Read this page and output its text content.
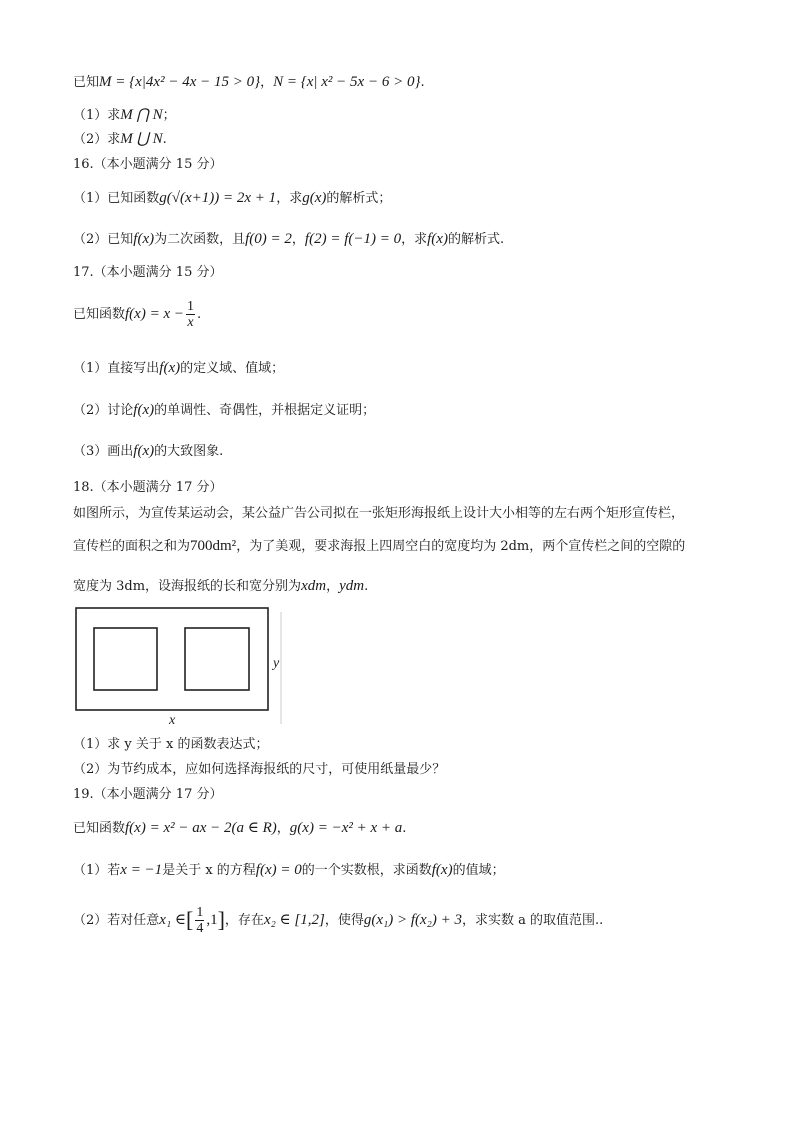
已知M = {x|4x² − 4x − 15 > 0}，N = {x| x² − 5x − 6 > 0}.
（1）求M ⋂ N；
（2）求M ⋃ N.
16.（本小题满分 15 分）
（1）已知函数g(√(x+1)) = 2x + 1，求g(x)的解析式；
（2）已知f(x)为二次函数，且f(0) = 2，f(2) = f(−1) = 0，求f(x)的解析式.
17.（本小题满分 15 分）
已知函数$f(x) = x - \frac{1}{x}$ .
（1）直接写出f(x)的定义域、值域；
（2）讨论f(x)的单调性、奇偶性，并根据定义证明；
（3）画出f(x)的大致图象.
18.（本小题满分 17 分）
如图所示，为宣传某运动会，某公益广告公司拟在一张矩形海报纸上设计大小相等的左右两个矩形宣传栏，
宣传栏的面积之和为700dm²，为了美观，要求海报上四周空白的宽度均为 2dm，两个宣传栏之间的空隙的
宽度为 3dm，设海报纸的长和宽分别为xdm，ydm.
y
x
（1）求 y 关于 x 的函数表达式；
（2）为节约成本，应如何选择海报纸的尺寸，可使用纸量最少？
19.（本小题满分 17 分）
已知函数f(x) = x² − ax − 2(a ∈ R)，g(x) = −x² + x + a.
（1）若x = −1是关于 x 的方程f(x) = 0的一个实数根，求函数f(x)的值域；
（2）若对任意x₁ ∈[ $\frac{1}{4} ,1$]，存在x₂ ∈ [1,2]，使得g(x₁) > f(x₂) + 3，求实数 a 的取值范围..
